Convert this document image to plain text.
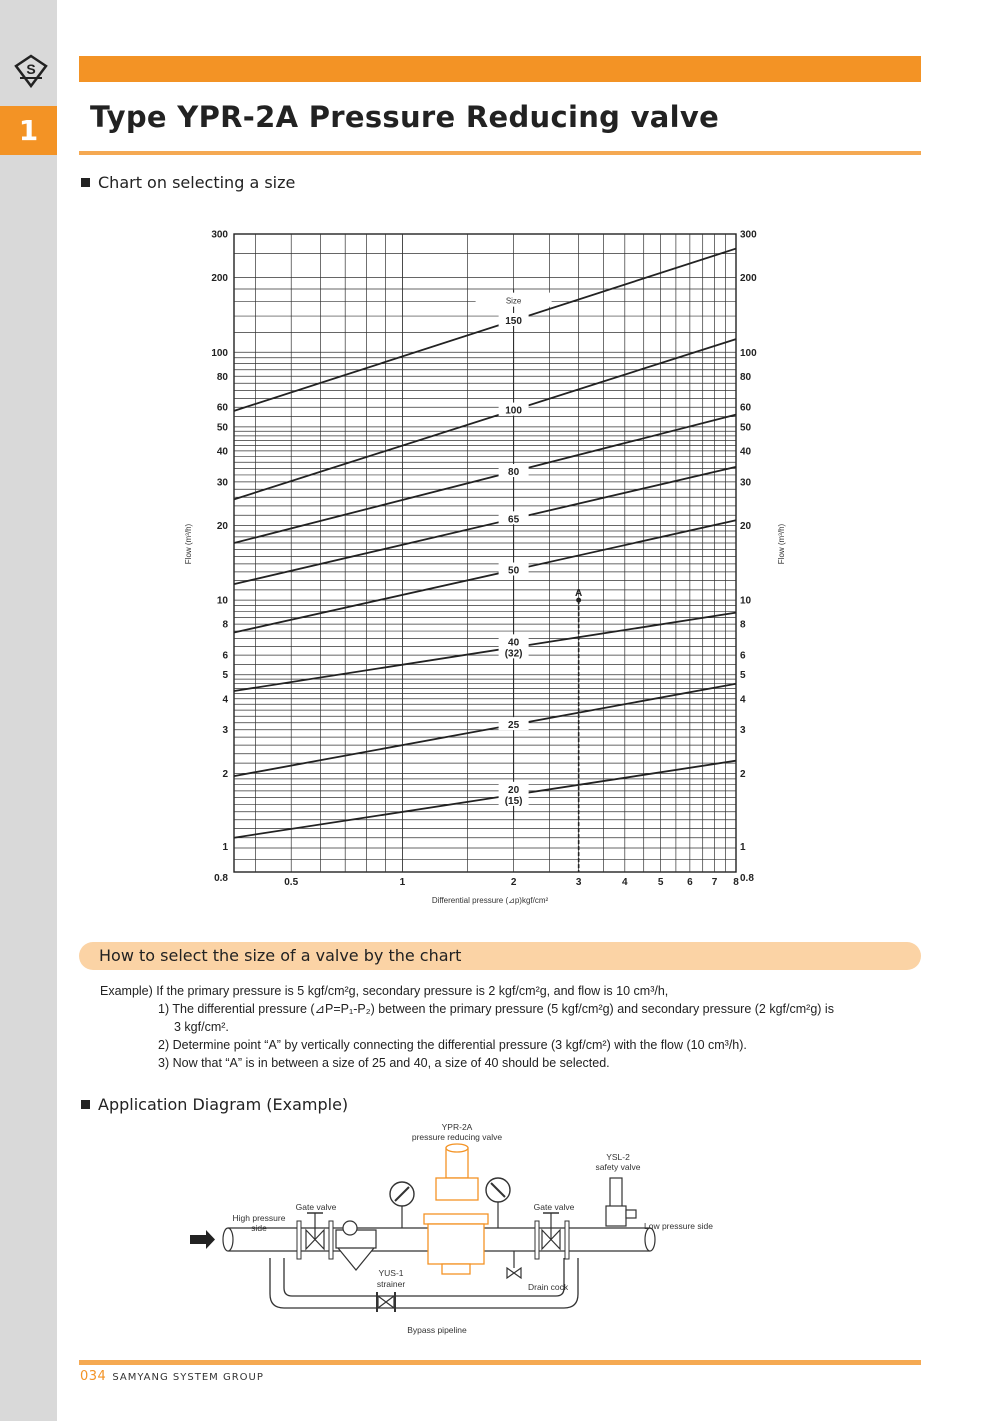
S
1	Type YPR-2A Pressure Reducing valve
Chart on selecting a size
0.8
1
2
3
4
5
6
8
10
20
30
40
50
60
80
100
200
300
0.8
1
2
3
4
5
6
8
10
20
30
40
50
60
80
100
200
300
0.5	1	2	3	4	5 6 7 8
Size
150
100
80
65
50
40
(32)
25
20
(15)
A
Differential pressure (⊿p)kgf/cm²
Flow (m³/h)	Flow (m³/h)
How to select the size of a valve by the chart

Example) If the primary pressure is 5 kgf/cm²g, secondary pressure is 2 kgf/cm²g, and flow is 10 cm³/h,

1) The differential pressure (⊿P=P₁-P₂) between the primary pressure (5 kgf/cm²g) and secondary pressure (2 kgf/cm²g) is

3 kgf/cm².

2) Determine point “A” by vertically connecting the differential pressure (3 kgf/cm²) with the flow (10 cm³/h).

3) Now that “A” is in between a size of 25 and 40, a size of 40 should be selected.

Application Diagram (Example)
YPR-2A
pressure reducing valve
YSL-2
safety valve
High pressure
side
Gate valve	Gate valve
Low pressure side
YUS-1
strainer	Drain cock
Bypass pipeline
034 SAMYANG SYSTEM GROUP
